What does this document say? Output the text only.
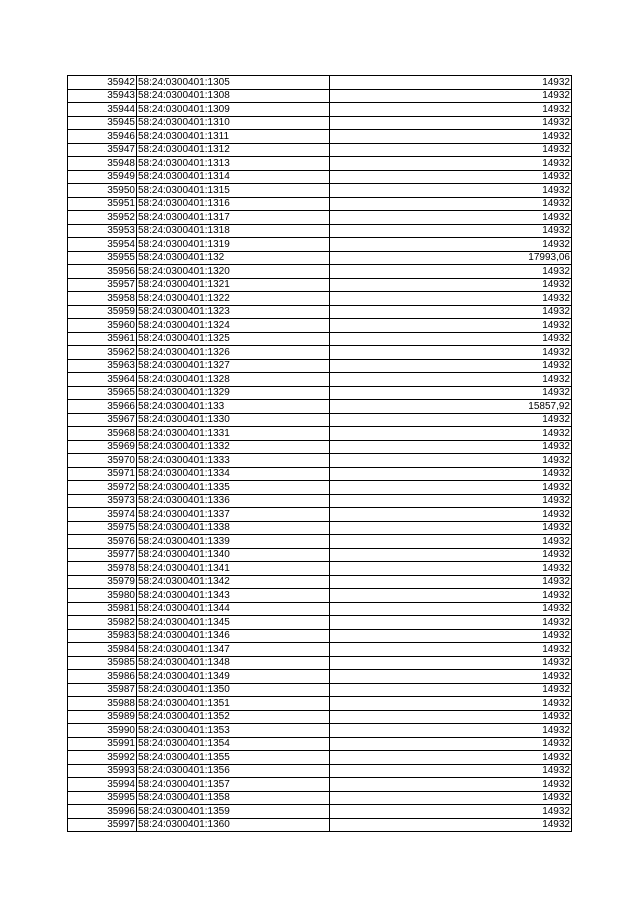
35942	58:24:0300401:1305	14932
35943	58:24:0300401:1308	14932
35944	58:24:0300401:1309	14932
35945	58:24:0300401:1310	14932
35946	58:24:0300401:1311	14932
35947	58:24:0300401:1312	14932
35948	58:24:0300401:1313	14932
35949	58:24:0300401:1314	14932
35950	58:24:0300401:1315	14932
35951	58:24:0300401:1316	14932
35952	58:24:0300401:1317	14932
35953	58:24:0300401:1318	14932
35954	58:24:0300401:1319	14932
35955	58:24:0300401:132	17993,06
35956	58:24:0300401:1320	14932
35957	58:24:0300401:1321	14932
35958	58:24:0300401:1322	14932
35959	58:24:0300401:1323	14932
35960	58:24:0300401:1324	14932
35961	58:24:0300401:1325	14932
35962	58:24:0300401:1326	14932
35963	58:24:0300401:1327	14932
35964	58:24:0300401:1328	14932
35965	58:24:0300401:1329	14932
35966	58:24:0300401:133	15857,92
35967	58:24:0300401:1330	14932
35968	58:24:0300401:1331	14932
35969	58:24:0300401:1332	14932
35970	58:24:0300401:1333	14932
35971	58:24:0300401:1334	14932
35972	58:24:0300401:1335	14932
35973	58:24:0300401:1336	14932
35974	58:24:0300401:1337	14932
35975	58:24:0300401:1338	14932
35976	58:24:0300401:1339	14932
35977	58:24:0300401:1340	14932
35978	58:24:0300401:1341	14932
35979	58:24:0300401:1342	14932
35980	58:24:0300401:1343	14932
35981	58:24:0300401:1344	14932
35982	58:24:0300401:1345	14932
35983	58:24:0300401:1346	14932
35984	58:24:0300401:1347	14932
35985	58:24:0300401:1348	14932
35986	58:24:0300401:1349	14932
35987	58:24:0300401:1350	14932
35988	58:24:0300401:1351	14932
35989	58:24:0300401:1352	14932
35990	58:24:0300401:1353	14932
35991	58:24:0300401:1354	14932
35992	58:24:0300401:1355	14932
35993	58:24:0300401:1356	14932
35994	58:24:0300401:1357	14932
35995	58:24:0300401:1358	14932
35996	58:24:0300401:1359	14932
35997	58:24:0300401:1360	14932
